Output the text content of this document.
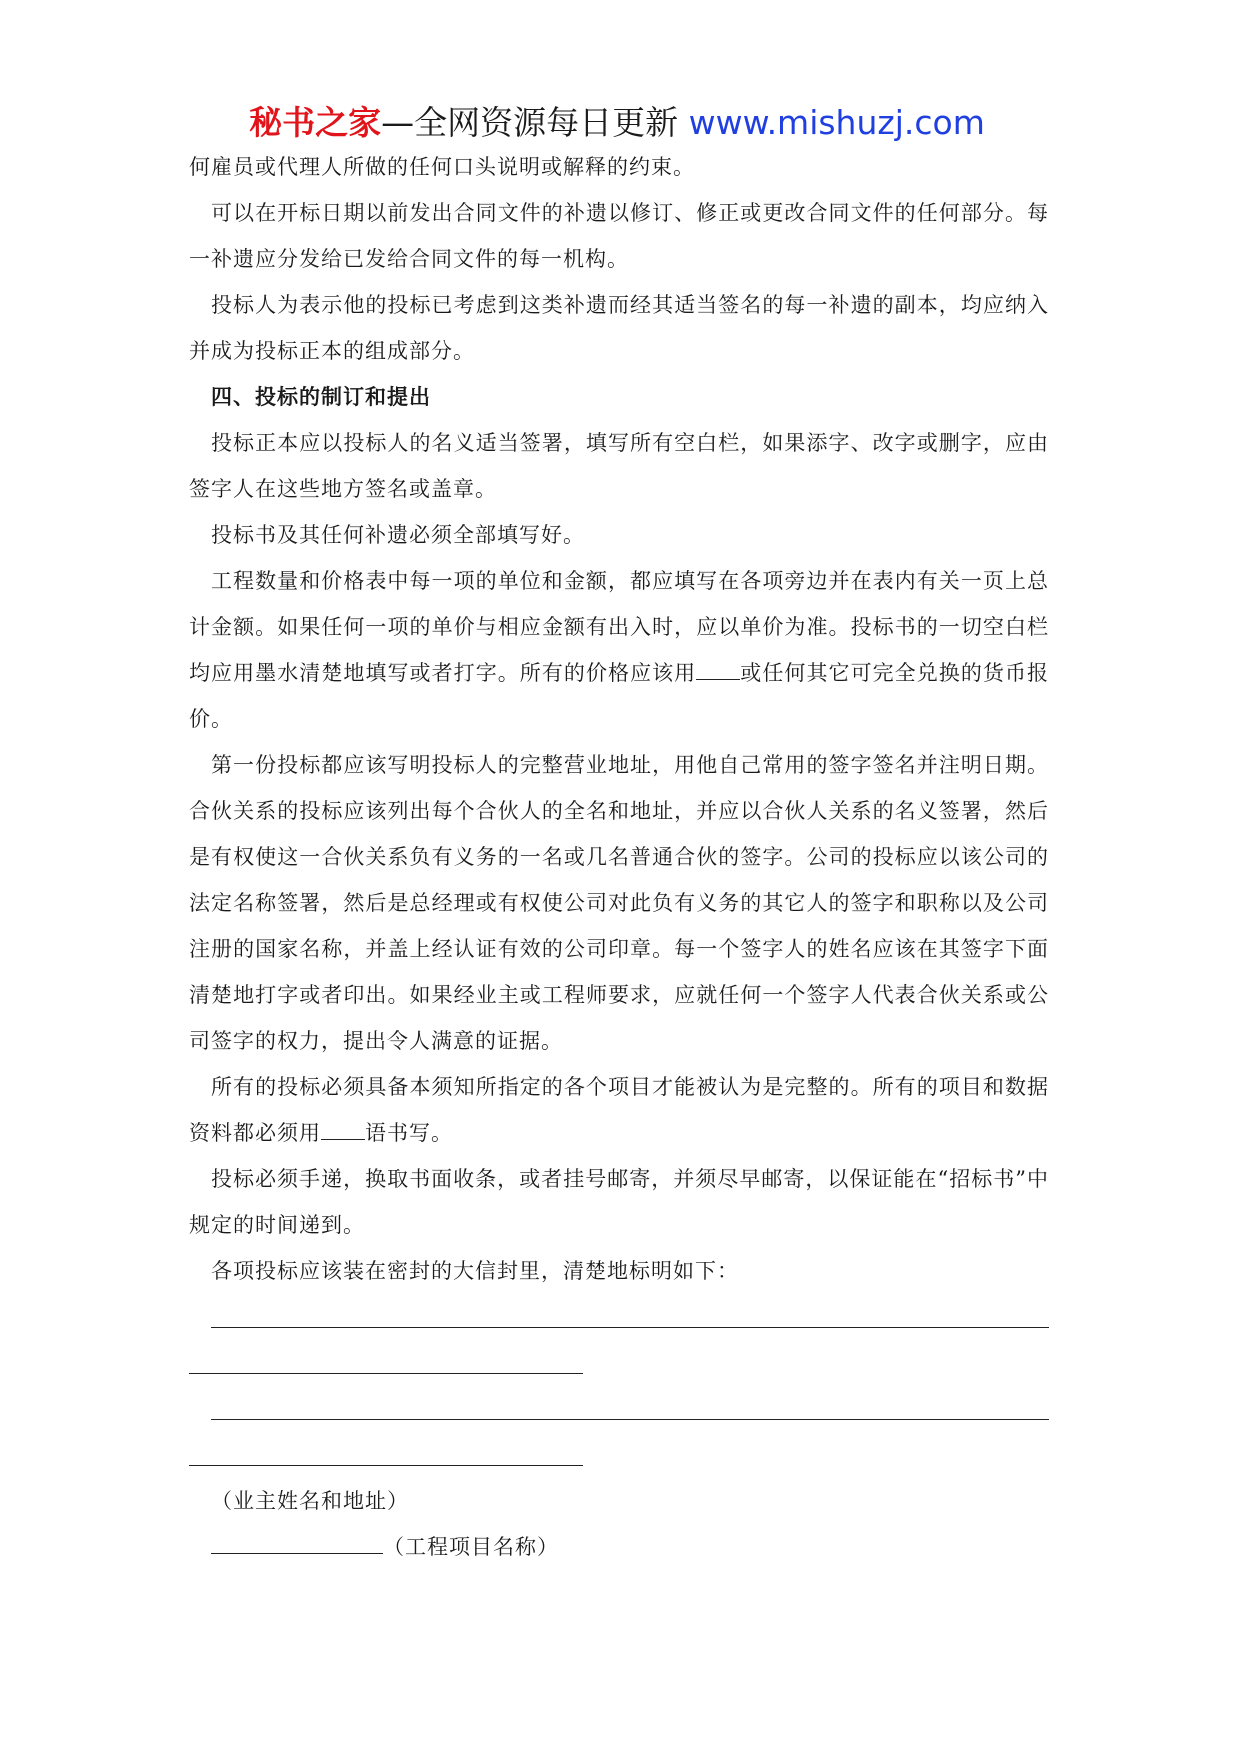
秘书之家—全网资源每日更新 www.mishuzj.com

何雇员或代理人所做的任何口头说明或解释的约束。

可以在开标日期以前发出合同文件的补遗以修订、修正或更改合同文件的任何部分。每一补遗应分发给已发给合同文件的每一机构。

投标人为表示他的投标已考虑到这类补遗而经其适当签名的每一补遗的副本，均应纳入并成为投标正本的组成部分。

四、投标的制订和提出

投标正本应以投标人的名义适当签署，填写所有空白栏，如果添字、改字或删字，应由签字人在这些地方签名或盖章。

投标书及其任何补遗必须全部填写好。

工程数量和价格表中每一项的单位和金额，都应填写在各项旁边并在表内有关一页上总计金额。如果任何一项的单价与相应金额有出入时，应以单价为准。投标书的一切空白栏均应用墨水清楚地填写或者打字。所有的价格应该用 或任何其它可完全兑换的货币报价。

第一份投标都应该写明投标人的完整营业地址，用他自己常用的签字签名并注明日期。合伙关系的投标应该列出每个合伙人的全名和地址，并应以合伙人关系的名义签署，然后是有权使这一合伙关系负有义务的一名或几名普通合伙的签字。公司的投标应以该公司的法定名称签署，然后是总经理或有权使公司对此负有义务的其它人的签字和职称以及公司注册的国家名称，并盖上经认证有效的公司印章。每一个签字人的姓名应该在其签字下面清楚地打字或者印出。如果经业主或工程师要求，应就任何一个签字人代表合伙关系或公司签字的权力，提出令人满意的证据。

所有的投标必须具备本须知所指定的各个项目才能被认为是完整的。所有的项目和数据资料都必须用 语书写。

投标必须手递，换取书面收条，或者挂号邮寄，并须尽早邮寄，以保证能在“招标书”中规定的时间递到。

各项投标应该装在密封的大信封里，清楚地标明如下：

（业主姓名和地址）

（工程项目名称）
